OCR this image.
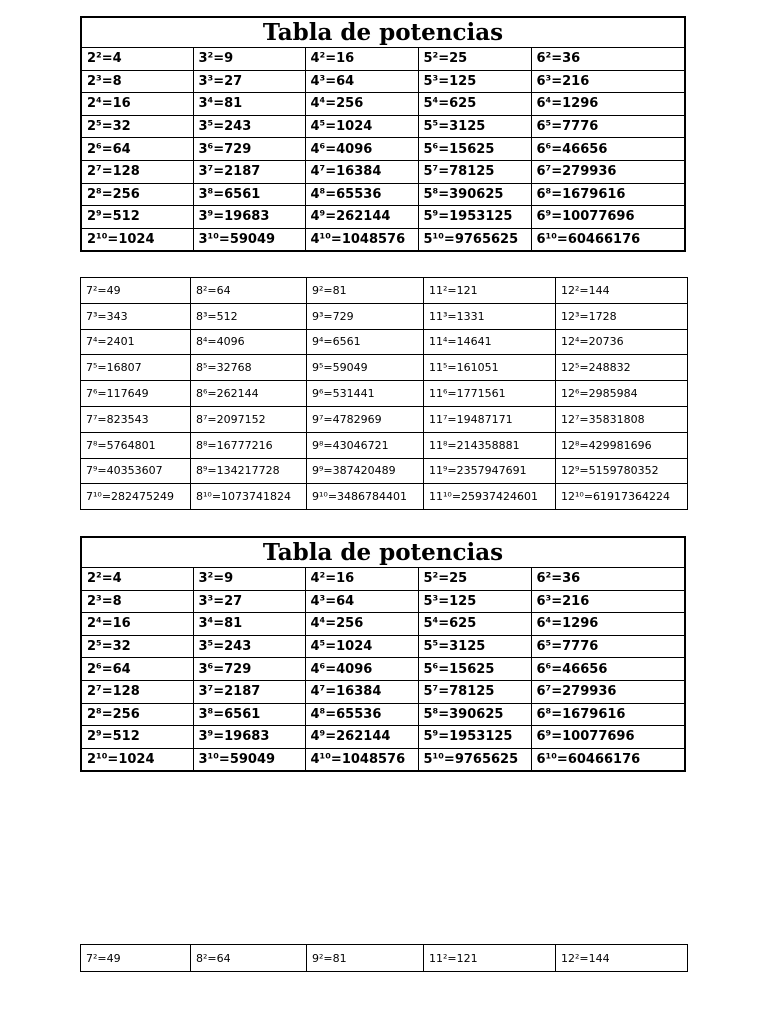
Tabla de potencias				
2²=4	3²=9	4²=16	5²=25	6²=36
2³=8	3³=27	4³=64	5³=125	6³=216
2⁴=16	3⁴=81	4⁴=256	5⁴=625	6⁴=1296
2⁵=32	3⁵=243	4⁵=1024	5⁵=3125	6⁵=7776
2⁶=64	3⁶=729	4⁶=4096	5⁶=15625	6⁶=46656
2⁷=128	3⁷=2187	4⁷=16384	5⁷=78125	6⁷=279936
2⁸=256	3⁸=6561	4⁸=65536	5⁸=390625	6⁸=1679616
2⁹=512	3⁹=19683	4⁹=262144	5⁹=1953125	6⁹=10077696
2¹⁰=1024	3¹⁰=59049	4¹⁰=1048576	5¹⁰=9765625	6¹⁰=60466176
7²=49	8²=64	9²=81	11²=121	12²=144
7³=343	8³=512	9³=729	11³=1331	12³=1728
7⁴=2401	8⁴=4096	9⁴=6561	11⁴=14641	12⁴=20736
7⁵=16807	8⁵=32768	9⁵=59049	11⁵=161051	12⁵=248832
7⁶=117649	8⁶=262144	9⁶=531441	11⁶=1771561	12⁶=2985984
7⁷=823543	8⁷=2097152	9⁷=4782969	11⁷=19487171	12⁷=35831808
7⁸=5764801	8⁸=16777216	9⁸=43046721	11⁸=214358881	12⁸=429981696
7⁹=40353607	8⁹=134217728	9⁹=387420489	11⁹=2357947691	12⁹=5159780352
7¹⁰=282475249	8¹⁰=1073741824	9¹⁰=3486784401	11¹⁰=25937424601	12¹⁰=61917364224
Tabla de potencias				
2²=4	3²=9	4²=16	5²=25	6²=36
2³=8	3³=27	4³=64	5³=125	6³=216
2⁴=16	3⁴=81	4⁴=256	5⁴=625	6⁴=1296
2⁵=32	3⁵=243	4⁵=1024	5⁵=3125	6⁵=7776
2⁶=64	3⁶=729	4⁶=4096	5⁶=15625	6⁶=46656
2⁷=128	3⁷=2187	4⁷=16384	5⁷=78125	6⁷=279936
2⁸=256	3⁸=6561	4⁸=65536	5⁸=390625	6⁸=1679616
2⁹=512	3⁹=19683	4⁹=262144	5⁹=1953125	6⁹=10077696
2¹⁰=1024	3¹⁰=59049	4¹⁰=1048576	5¹⁰=9765625	6¹⁰=60466176
7²=49	8²=64	9²=81	11²=121	12²=144
